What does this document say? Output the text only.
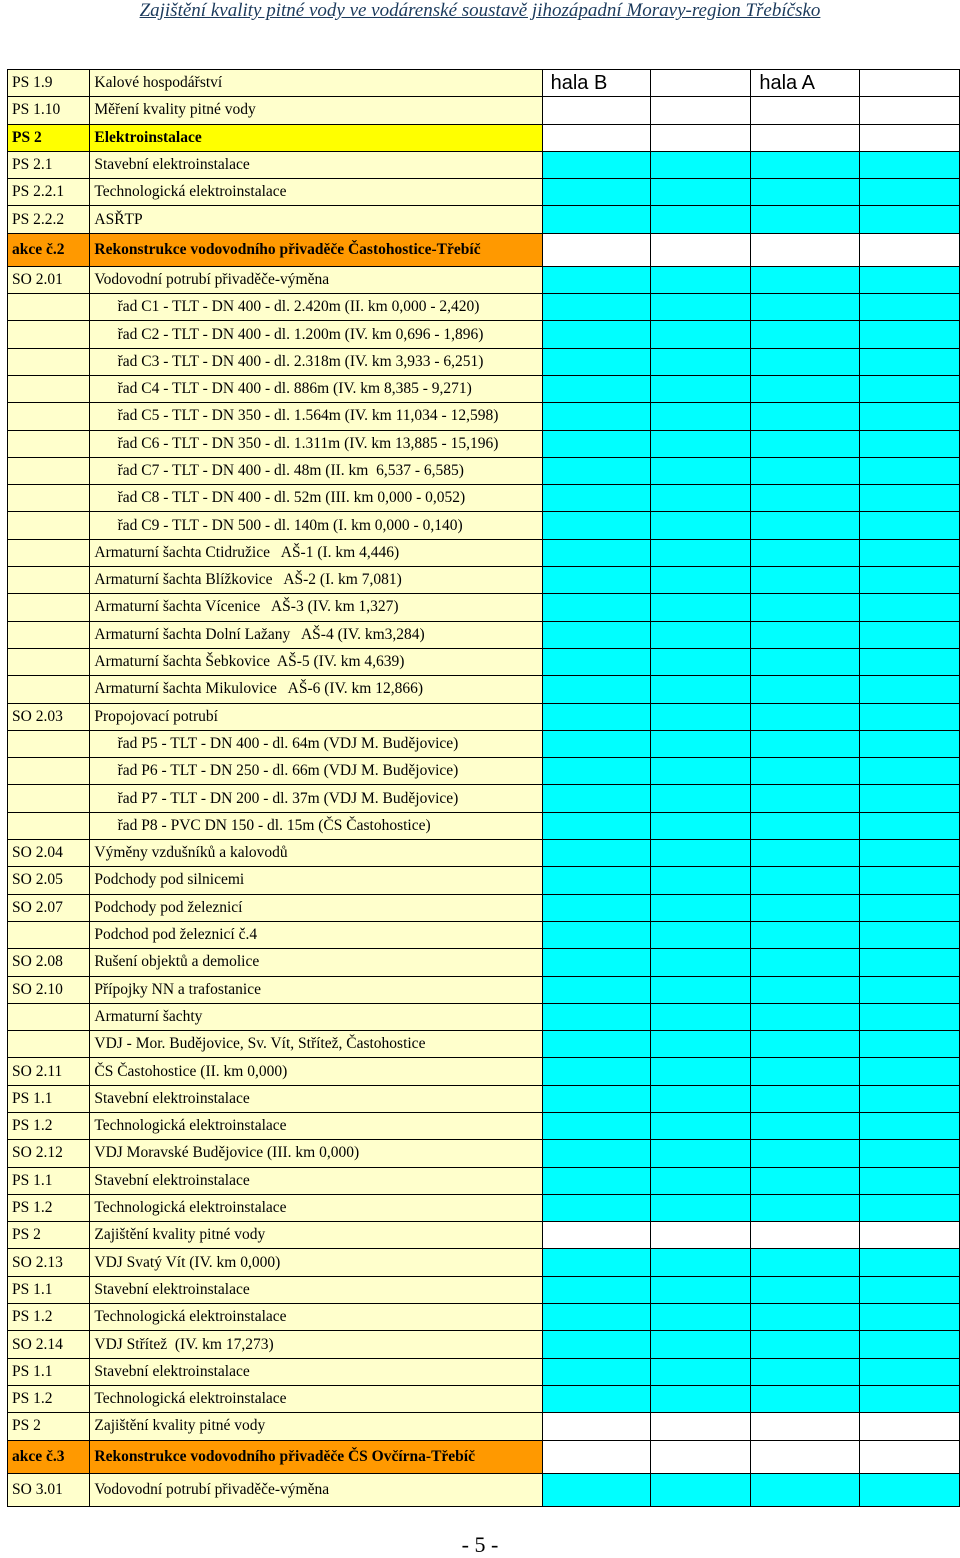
Zajištění kvality pitné vody ve vodárenské soustavě jihozápadní Moravy-region Třebíčsko
PS 1.9	Kalové hospodářství	hala B		hala A	
PS 1.10	Měření kvality pitné vody				
PS 2	Elektroinstalace				
PS 2.1	Stavební elektroinstalace				
PS 2.2.1	Technologická elektroinstalace				
PS 2.2.2	ASŘTP				
akce č.2	Rekonstrukce vodovodního přivaděče Častohostice-Třebíč				
SO 2.01	Vodovodní potrubí přivaděče-výměna				
	řad C1 - TLT - DN 400 - dl. 2.420m (II. km 0,000 - 2,420)				
	řad C2 - TLT - DN 400 - dl. 1.200m (IV. km 0,696 - 1,896)				
	řad C3 - TLT - DN 400 - dl. 2.318m (IV. km 3,933 - 6,251)				
	řad C4 - TLT - DN 400 - dl. 886m (IV. km 8,385 - 9,271)				
	řad C5 - TLT - DN 350 - dl. 1.564m (IV. km 11,034 - 12,598)				
	řad C6 - TLT - DN 350 - dl. 1.311m (IV. km 13,885 - 15,196)				
	řad C7 - TLT - DN 400 - dl. 48m (II. km  6,537 - 6,585)				
	řad C8 - TLT - DN 400 - dl. 52m (III. km 0,000 - 0,052)				
	řad C9 - TLT - DN 500 - dl. 140m (I. km 0,000 - 0,140)				
	Armaturní šachta Ctidružice   AŠ-1 (I. km 4,446)				
	Armaturní šachta Blížkovice   AŠ-2 (I. km 7,081)				
	Armaturní šachta Vícenice   AŠ-3 (IV. km 1,327)				
	Armaturní šachta Dolní Lažany   AŠ-4 (IV. km3,284)				
	Armaturní šachta Šebkovice  AŠ-5 (IV. km 4,639)				
	Armaturní šachta Mikulovice   AŠ-6 (IV. km 12,866)				
SO 2.03	Propojovací potrubí				
	řad P5 - TLT - DN 400 - dl. 64m (VDJ M. Budějovice)				
	řad P6 - TLT - DN 250 - dl. 66m (VDJ M. Budějovice)				
	řad P7 - TLT - DN 200 - dl. 37m (VDJ M. Budějovice)				
	řad P8 - PVC DN 150 - dl. 15m (ČS Častohostice)				
SO 2.04	Výměny vzdušníků a kalovodů				
SO 2.05	Podchody pod silnicemi				
SO 2.07	Podchody pod železnicí				
	Podchod pod železnicí č.4				
SO 2.08	Rušení objektů a demolice				
SO 2.10	Přípojky NN a trafostanice				
	Armaturní šachty				
	VDJ - Mor. Budějovice, Sv. Vít, Střítež, Častohostice				
SO 2.11	ČS Častohostice (II. km 0,000)				
PS 1.1	Stavební elektroinstalace				
PS 1.2	Technologická elektroinstalace				
SO 2.12	VDJ Moravské Budějovice (III. km 0,000)				
PS 1.1	Stavební elektroinstalace				
PS 1.2	Technologická elektroinstalace				
PS 2	Zajištění kvality pitné vody				
SO 2.13	VDJ Svatý Vít (IV. km 0,000)				
PS 1.1	Stavební elektroinstalace				
PS 1.2	Technologická elektroinstalace				
SO 2.14	VDJ Střítež  (IV. km 17,273)				
PS 1.1	Stavební elektroinstalace				
PS 1.2	Technologická elektroinstalace				
PS 2	Zajištění kvality pitné vody				
akce č.3	Rekonstrukce vodovodního přivaděče ČS Ovčírna-Třebíč				
SO 3.01	Vodovodní potrubí přivaděče-výměna				
- 5 -
